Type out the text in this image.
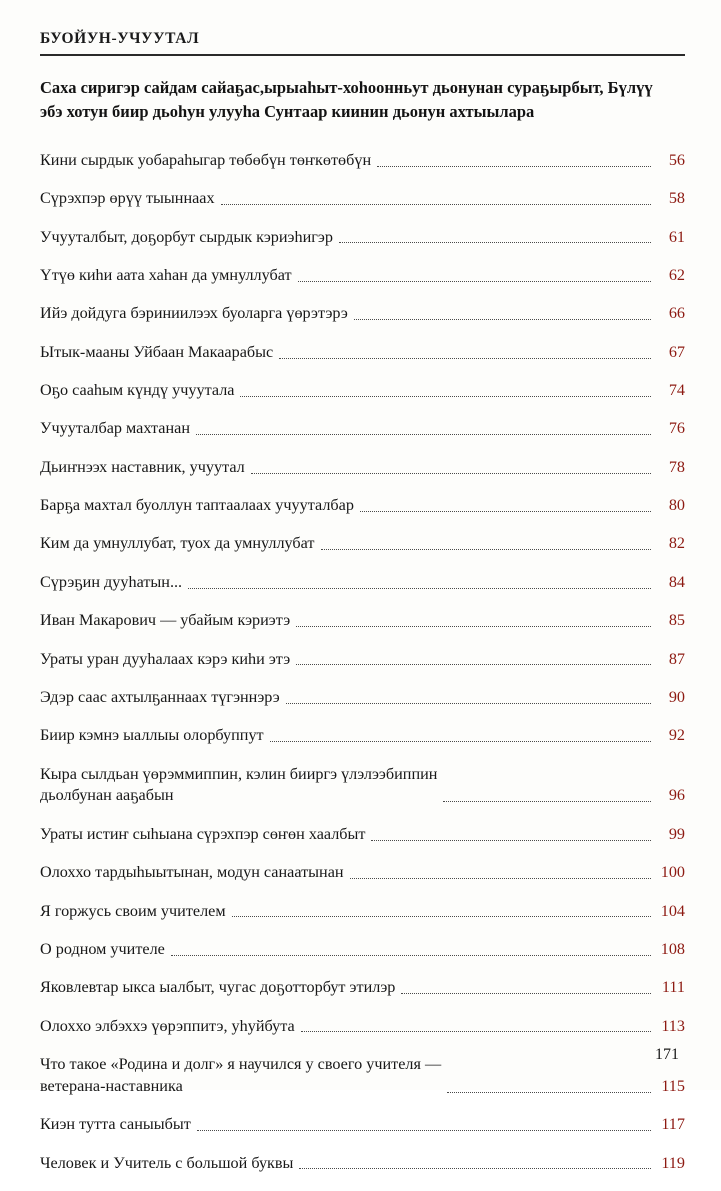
БУОЙУН-УЧУУТАЛ
Саха сиригэр сайдам сайаҕас,ырыаһыт-хоһоонньут дьонунан сураҕырбыт, Бүлүү эбэ хотун биир дьоһун улууһа Сунтаар киинин дьонун ахтыылара
Кини сырдык уобараһыгар төбөбүн төҥкөтөбүн	56
Сүрэхпэр өрүү тыыннаах	58
Учууталбыт, доҕорбут сырдык кэриэһигэр	61
Үтүө киһи аата хаһан да умнуллубат	62
Ийэ дойдуга бэриниилээх буоларга үөрэтэрэ	66
Ытык-мааны Уйбаан Макаарабыс	67
Оҕо сааһым күндү учуутала	74
Учууталбар махтанан	76
Дьиҥнээх наставник, учуутал	78
Барҕа махтал буоллун таптаалаах учууталбар	80
Ким да умнуллубат, туох да умнуллубат	82
Сүрэҕин дууһатын...	84
Иван Макарович — убайым кэриэтэ	85
Ураты уран дууһалаах кэрэ киһи этэ	87
Эдэр саас ахтылҕаннаах түгэннэрэ	90
Биир кэмнэ ыаллыы олорбуппут	92
Кыра сылдьан үөрэммиппин, кэлин бииргэ үлэлээбиппин
дьолбунан ааҕабын	96
Ураты истиҥ сыһыана сүрэхпэр сөҥөн хаалбыт	99
Олоххо тардыһыытынан, модун санаатынан	100
Я горжусь своим учителем	104
О родном учителе	108
Яковлевтар ыкса ыалбыт, чугас доҕотторбут этилэр	111
Олоххо элбэххэ үөрэппитэ, уһуйбута	113
Что такое «Родина и долг» я научился у своего учителя —
ветерана-наставника	115
Киэн тутта саныыбыт	117
Человек и Учитель с большой буквы	119
171
